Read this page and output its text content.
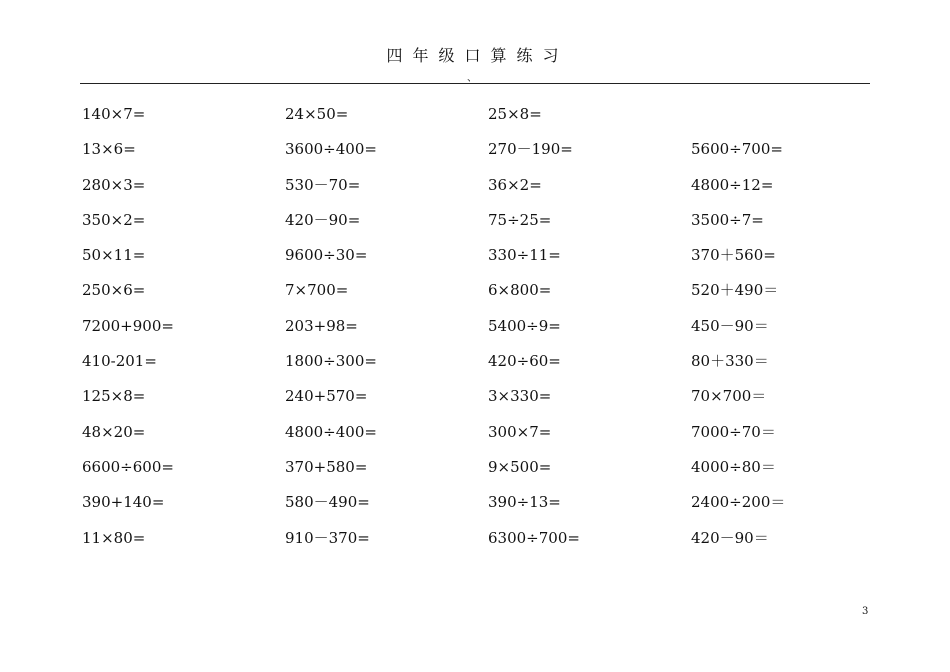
四年级口算练习
、
140×7=	24×50=	25×8=
13×6=	3600÷400=	270－190=	5600÷700=
280×3=	530－70=	36×2=	4800÷12=
350×2=	420－90=	75÷25=	3500÷7=
50×11=	9600÷30=	330÷11=	370＋560=
250×6=	7×700=	6×800=	520＋490＝
7200+900=	203+98=	5400÷9=	450－90＝
410-201=	1800÷300=	420÷60=	80＋330＝
125×8=	240+570=	3×330=	70×700＝
48×20=	4800÷400=	300×7=	7000÷70＝
6600÷600=	370+580=	9×500=	4000÷80＝
390+140=	580－490=	390÷13=	2400÷200＝
11×80=	910－370=	6300÷700=	420－90＝
3
